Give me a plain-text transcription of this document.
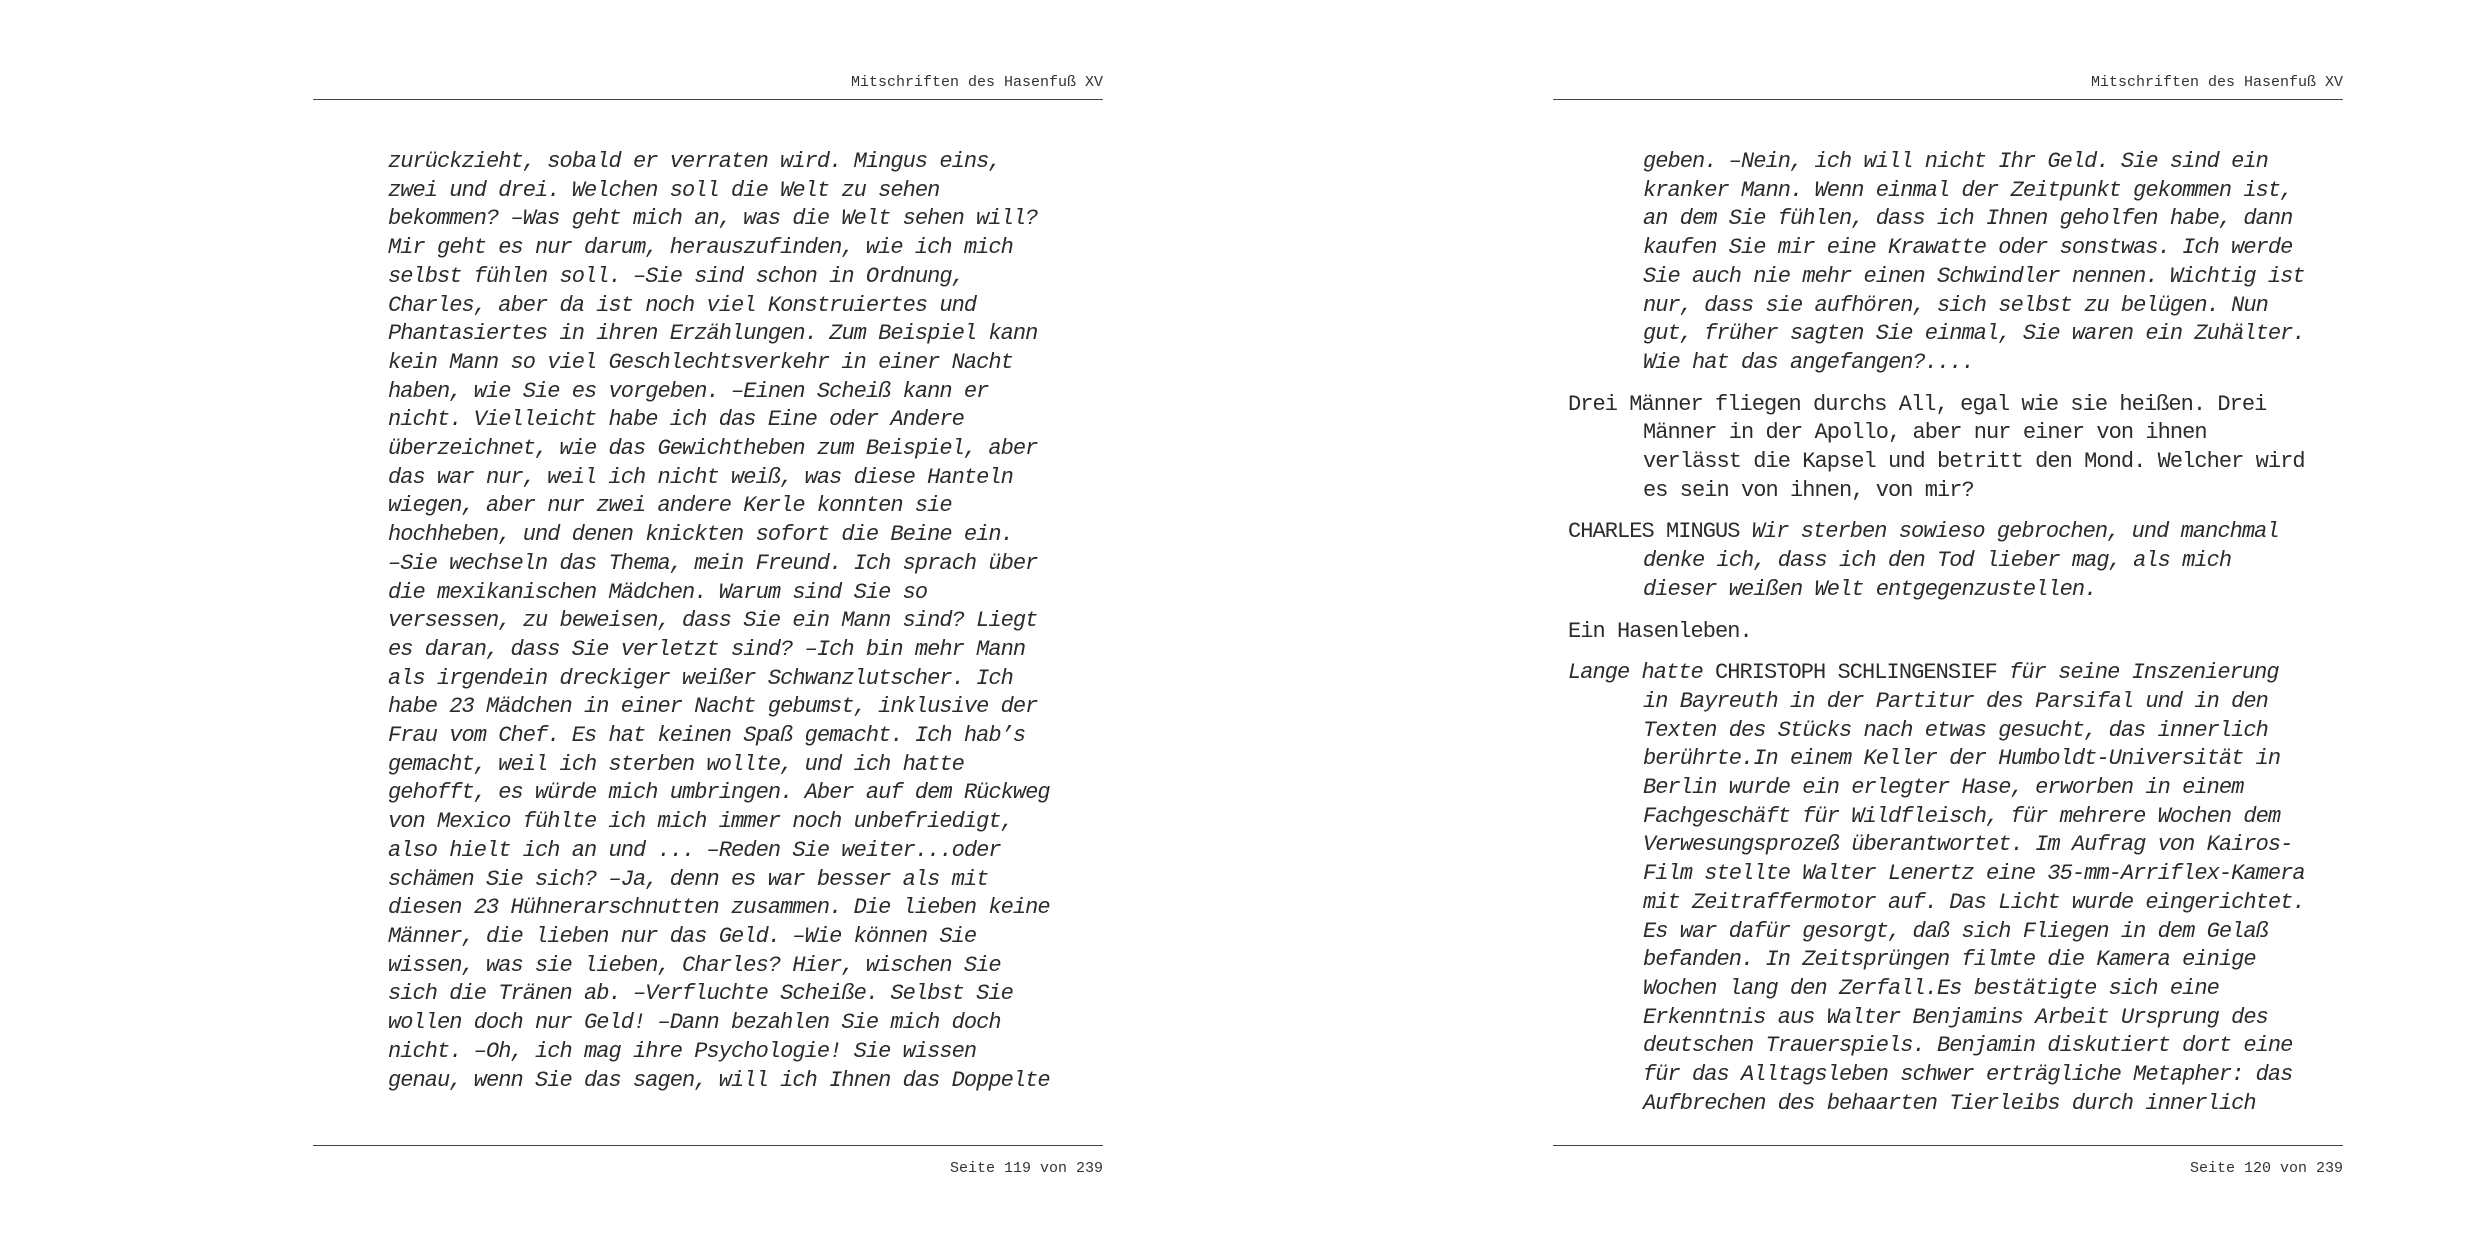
Mitschriften des Hasenfuß XV
zurückzieht, sobald er verraten wird. Mingus eins,
zwei und drei. Welchen soll die Welt zu sehen
bekommen? –Was geht mich an, was die Welt sehen will?
Mir geht es nur darum, herauszufinden, wie ich mich
selbst fühlen soll. –Sie sind schon in Ordnung,
Charles, aber da ist noch viel Konstruiertes und
Phantasiertes in ihren Erzählungen. Zum Beispiel kann
kein Mann so viel Geschlechtsverkehr in einer Nacht
haben, wie Sie es vorgeben. –Einen Scheiß kann er
nicht. Vielleicht habe ich das Eine oder Andere
überzeichnet, wie das Gewichtheben zum Beispiel, aber
das war nur, weil ich nicht weiß, was diese Hanteln
wiegen, aber nur zwei andere Kerle konnten sie
hochheben, und denen knickten sofort die Beine ein.
–Sie wechseln das Thema, mein Freund. Ich sprach über
die mexikanischen Mädchen. Warum sind Sie so
versessen, zu beweisen, dass Sie ein Mann sind? Liegt
es daran, dass Sie verletzt sind? –Ich bin mehr Mann
als irgendein dreckiger weißer Schwanzlutscher. Ich
habe 23 Mädchen in einer Nacht gebumst, inklusive der
Frau vom Chef. Es hat keinen Spaß gemacht. Ich hab’s
gemacht, weil ich sterben wollte, und ich hatte
gehofft, es würde mich umbringen. Aber auf dem Rückweg
von Mexico fühlte ich mich immer noch unbefriedigt,
also hielt ich an und ... –Reden Sie weiter...oder
schämen Sie sich? –Ja, denn es war besser als mit
diesen 23 Hühnerarschnutten zusammen. Die lieben keine
Männer, die lieben nur das Geld. –Wie können Sie
wissen, was sie lieben, Charles? Hier, wischen Sie
sich die Tränen ab. –Verfluchte Scheiße. Selbst Sie
wollen doch nur Geld! –Dann bezahlen Sie mich doch
nicht. –Oh, ich mag ihre Psychologie! Sie wissen
genau, wenn Sie das sagen, will ich Ihnen das Doppelte
Seite 119 von 239
Mitschriften des Hasenfuß XV
geben. –Nein, ich will nicht Ihr Geld. Sie sind ein
kranker Mann. Wenn einmal der Zeitpunkt gekommen ist,
an dem Sie fühlen, dass ich Ihnen geholfen habe, dann
kaufen Sie mir eine Krawatte oder sonstwas. Ich werde
Sie auch nie mehr einen Schwindler nennen. Wichtig ist
nur, dass sie aufhören, sich selbst zu belügen. Nun
gut, früher sagten Sie einmal, Sie waren ein Zuhälter.
Wie hat das angefangen?....
Drei Männer fliegen durchs All, egal wie sie heißen. Drei
Männer in der Apollo, aber nur einer von ihnen
verlässt die Kapsel und betritt den Mond. Welcher wird
es sein von ihnen, von mir?
CHARLES MINGUS Wir sterben sowieso gebrochen, und manchmal
denke ich, dass ich den Tod lieber mag, als mich
dieser weißen Welt entgegenzustellen.
Ein Hasenleben.
Lange hatte CHRISTOPH SCHLINGENSIEF für seine Inszenierung
in Bayreuth in der Partitur des Parsifal und in den
Texten des Stücks nach etwas gesucht, das innerlich
berührte.In einem Keller der Humboldt-Universität in
Berlin wurde ein erlegter Hase, erworben in einem
Fachgeschäft für Wildfleisch, für mehrere Wochen dem
Verwesungsprozeß überantwortet. Im Aufrag von Kairos-
Film stellte Walter Lenertz eine 35-mm-Arriflex-Kamera
mit Zeitraffermotor auf. Das Licht wurde eingerichtet.
Es war dafür gesorgt, daß sich Fliegen in dem Gelaß
befanden. In Zeitsprüngen filmte die Kamera einige
Wochen lang den Zerfall.Es bestätigte sich eine
Erkenntnis aus Walter Benjamins Arbeit Ursprung des
deutschen Trauerspiels. Benjamin diskutiert dort eine
für das Alltagsleben schwer erträgliche Metapher: das
Aufbrechen des behaarten Tierleibs durch innerlich
Seite 120 von 239
